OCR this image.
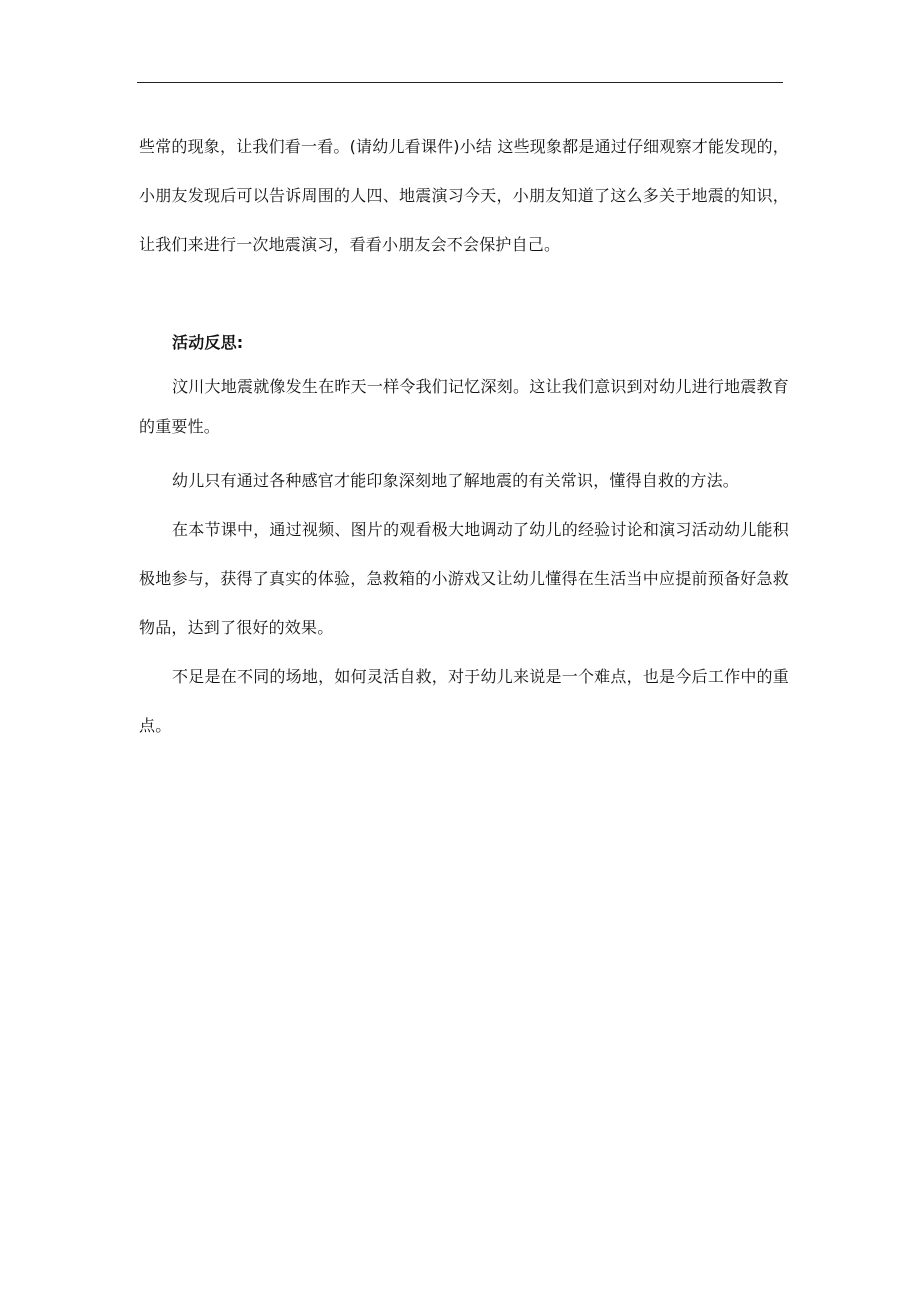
些常的现象，让我们看一看。(请幼儿看课件)小结 这些现象都是通过仔细观察才能发现的，小朋友发现后可以告诉周围的人四、地震演习今天，小朋友知道了这么多关于地震的知识，让我们来进行一次地震演习，看看小朋友会不会保护自己。

活动反思:

汶川大地震就像发生在昨天一样令我们记忆深刻。这让我们意识到对幼儿进行地震教育的重要性。

幼儿只有通过各种感官才能印象深刻地了解地震的有关常识，懂得自救的方法。

在本节课中，通过视频、图片的观看极大地调动了幼儿的经验讨论和演习活动幼儿能积极地参与，获得了真实的体验，急救箱的小游戏又让幼儿懂得在生活当中应提前预备好急救物品，达到了很好的效果。

不足是在不同的场地，如何灵活自救，对于幼儿来说是一个难点，也是今后工作中的重点。
